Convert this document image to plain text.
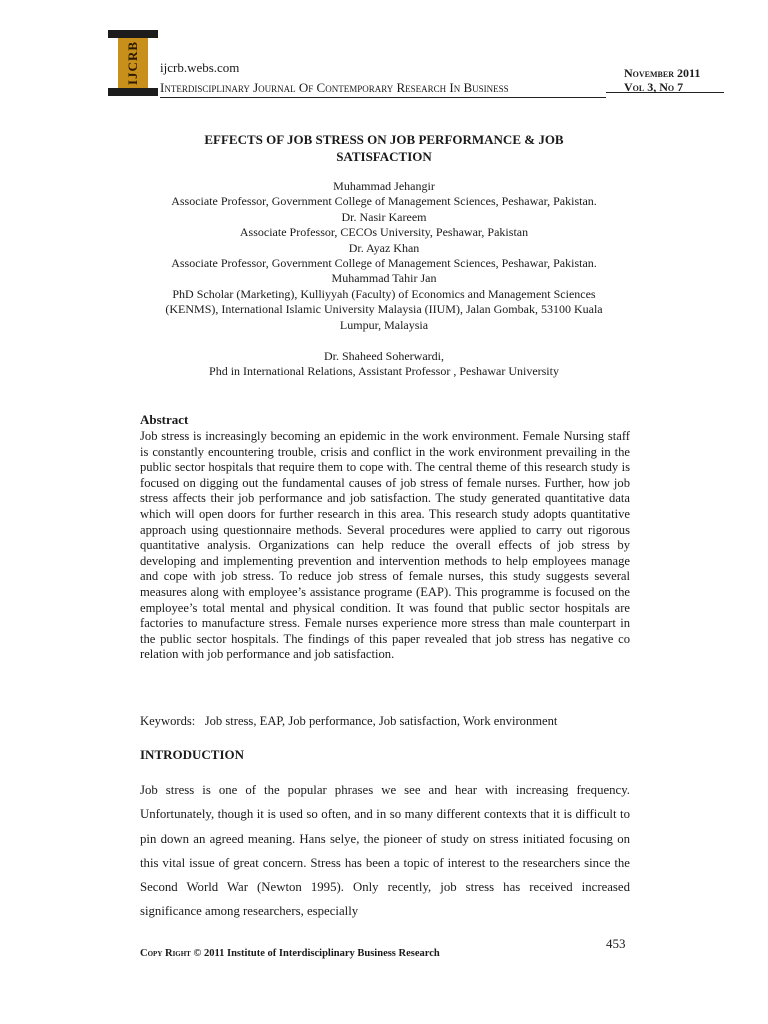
IJCRB ijcrb.webs.com
Interdisciplinary Journal Of Contemporary Research In Business
November 2011
Vol 3, No 7
EFFECTS OF JOB STRESS ON JOB PERFORMANCE & JOB
SATISFACTION
Muhammad Jehangir
Associate Professor, Government College of Management Sciences, Peshawar, Pakistan.
Dr. Nasir Kareem
Associate Professor, CECOs University, Peshawar, Pakistan
Dr. Ayaz Khan
Associate Professor, Government College of Management Sciences, Peshawar, Pakistan.
Muhammad Tahir Jan
PhD Scholar (Marketing), Kulliyyah (Faculty) of Economics and Management Sciences
(KENMS), International Islamic University Malaysia (IIUM), Jalan Gombak, 53100 Kuala
Lumpur, Malaysia
Dr. Shaheed Soherwardi,
Phd in International Relations, Assistant Professor , Peshawar University
Abstract
Job stress is increasingly becoming an epidemic in the work environment. Female Nursing staff is constantly encountering trouble, crisis and conflict in the work environment prevailing in the public sector hospitals that require them to cope with. The central theme of this research study is focused on digging out the fundamental causes of job stress of female nurses. Further, how job stress affects their job performance and job satisfaction. The study generated quantitative data which will open doors for further research in this area. This research study adopts quantitative approach using questionnaire methods. Several procedures were applied to carry out rigorous quantitative analysis. Organizations can help reduce the overall effects of job stress by developing and implementing prevention and intervention methods to help employees manage and cope with job stress. To reduce job stress of female nurses, this study suggests several measures along with employee’s assistance programe (EAP). This programme is focused on the employee’s total mental and physical condition. It was found that public sector hospitals are factories to manufacture stress. Female nurses experience more stress than male counterpart in the public sector hospitals. The findings of this paper revealed that job stress has negative co relation with job performance and job satisfaction.
Keywords:   Job stress, EAP, Job performance, Job satisfaction, Work environment
INTRODUCTION
Job stress is one of the popular phrases we see and hear with increasing frequency. Unfortunately, though it is used so often, and in so many different contexts that it is difficult to pin down an agreed meaning. Hans selye, the pioneer of study on stress initiated focusing on this vital issue of great concern. Stress has been a topic of interest to the researchers since the Second World War (Newton 1995). Only recently, job stress has received increased significance among researchers, especially
453
Copy Right © 2011 Institute of Interdisciplinary Business Research
